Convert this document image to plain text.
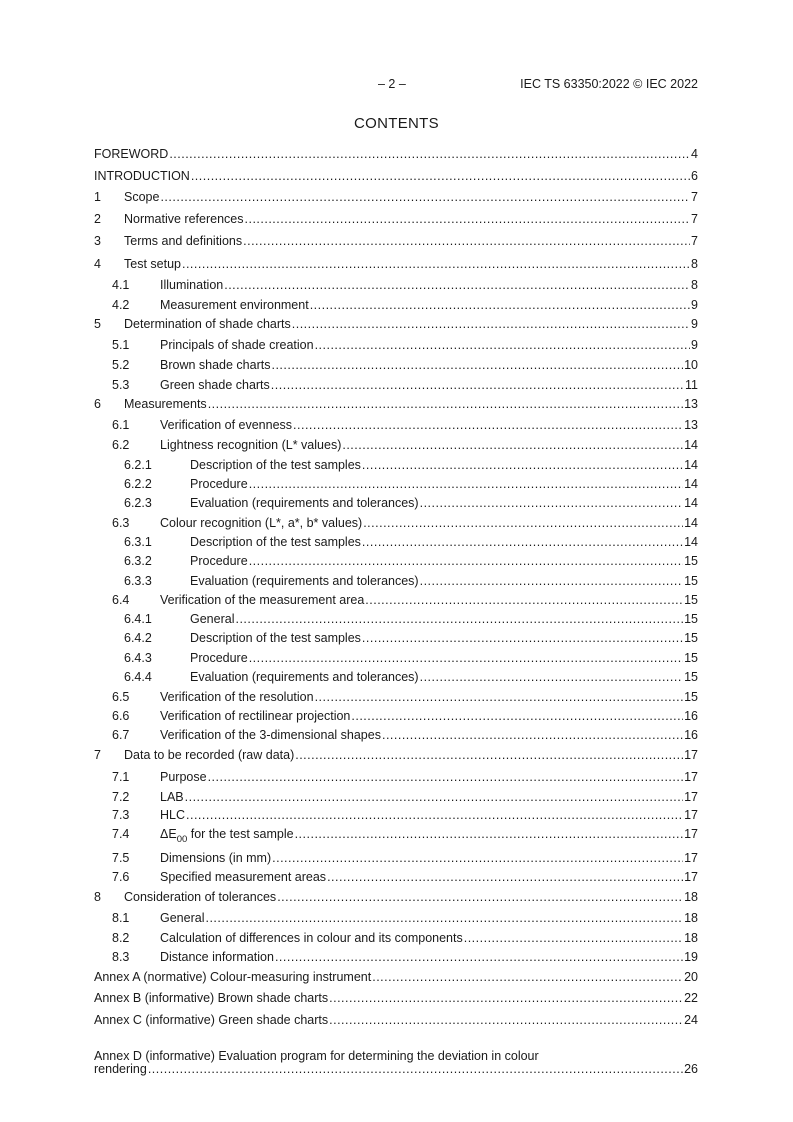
– 2 –	IEC TS 63350:2022 © IEC 2022
CONTENTS
FOREWORD .....	4
INTRODUCTION .....	6
1 Scope .....	7
2 Normative references .....	7
3 Terms and definitions .....	7
4 Test setup .....	8
4.1 Illumination .....	8
4.2 Measurement environment .....	9
5 Determination of shade charts .....	9
5.1 Principals of shade creation .....	9
5.2 Brown shade charts .....	10
5.3 Green shade charts .....	11
6 Measurements .....	13
6.1 Verification of evenness .....	13
6.2 Lightness recognition (L* values) .....	14
6.2.1	Description of the test samples .....	14
6.2.2	Procedure .....	14
6.2.3	Evaluation (requirements and tolerances) .....	14
6.3 Colour recognition (L*, a*, b* values) .....	14
6.3.1	Description of the test samples .....	14
6.3.2	Procedure .....	15
6.3.3	Evaluation (requirements and tolerances) .....	15
6.4 Verification of the measurement area .....	15
6.4.1	General .....	15
6.4.2	Description of the test samples .....	15
6.4.3	Procedure .....	15
6.4.4	Evaluation (requirements and tolerances) .....	15
6.5 Verification of the resolution .....	15
6.6 Verification of rectilinear projection .....	16
6.7 Verification of the 3-dimensional shapes .....	16
7 Data to be recorded (raw data) .....	17
7.1 Purpose .....	17
7.2 LAB .....	17
7.3 HLC .....	17
7.4 $\Delta E_{00}$ for the test sample .....	17
7.5 Dimensions (in mm) .....	17
7.6 Specified measurement areas .....	17
8 Consideration of tolerances .....	18
8.1 General .....	18
8.2 Calculation of differences in colour and its components .....	18
8.3 Distance information .....	19
Annex A (normative) Colour-measuring instrument .....	20
Annex B (informative) Brown shade charts .....	22
Annex C (informative) Green shade charts .....	24
Annex D (informative) Evaluation program for determining the deviation in colour
rendering .....	26
